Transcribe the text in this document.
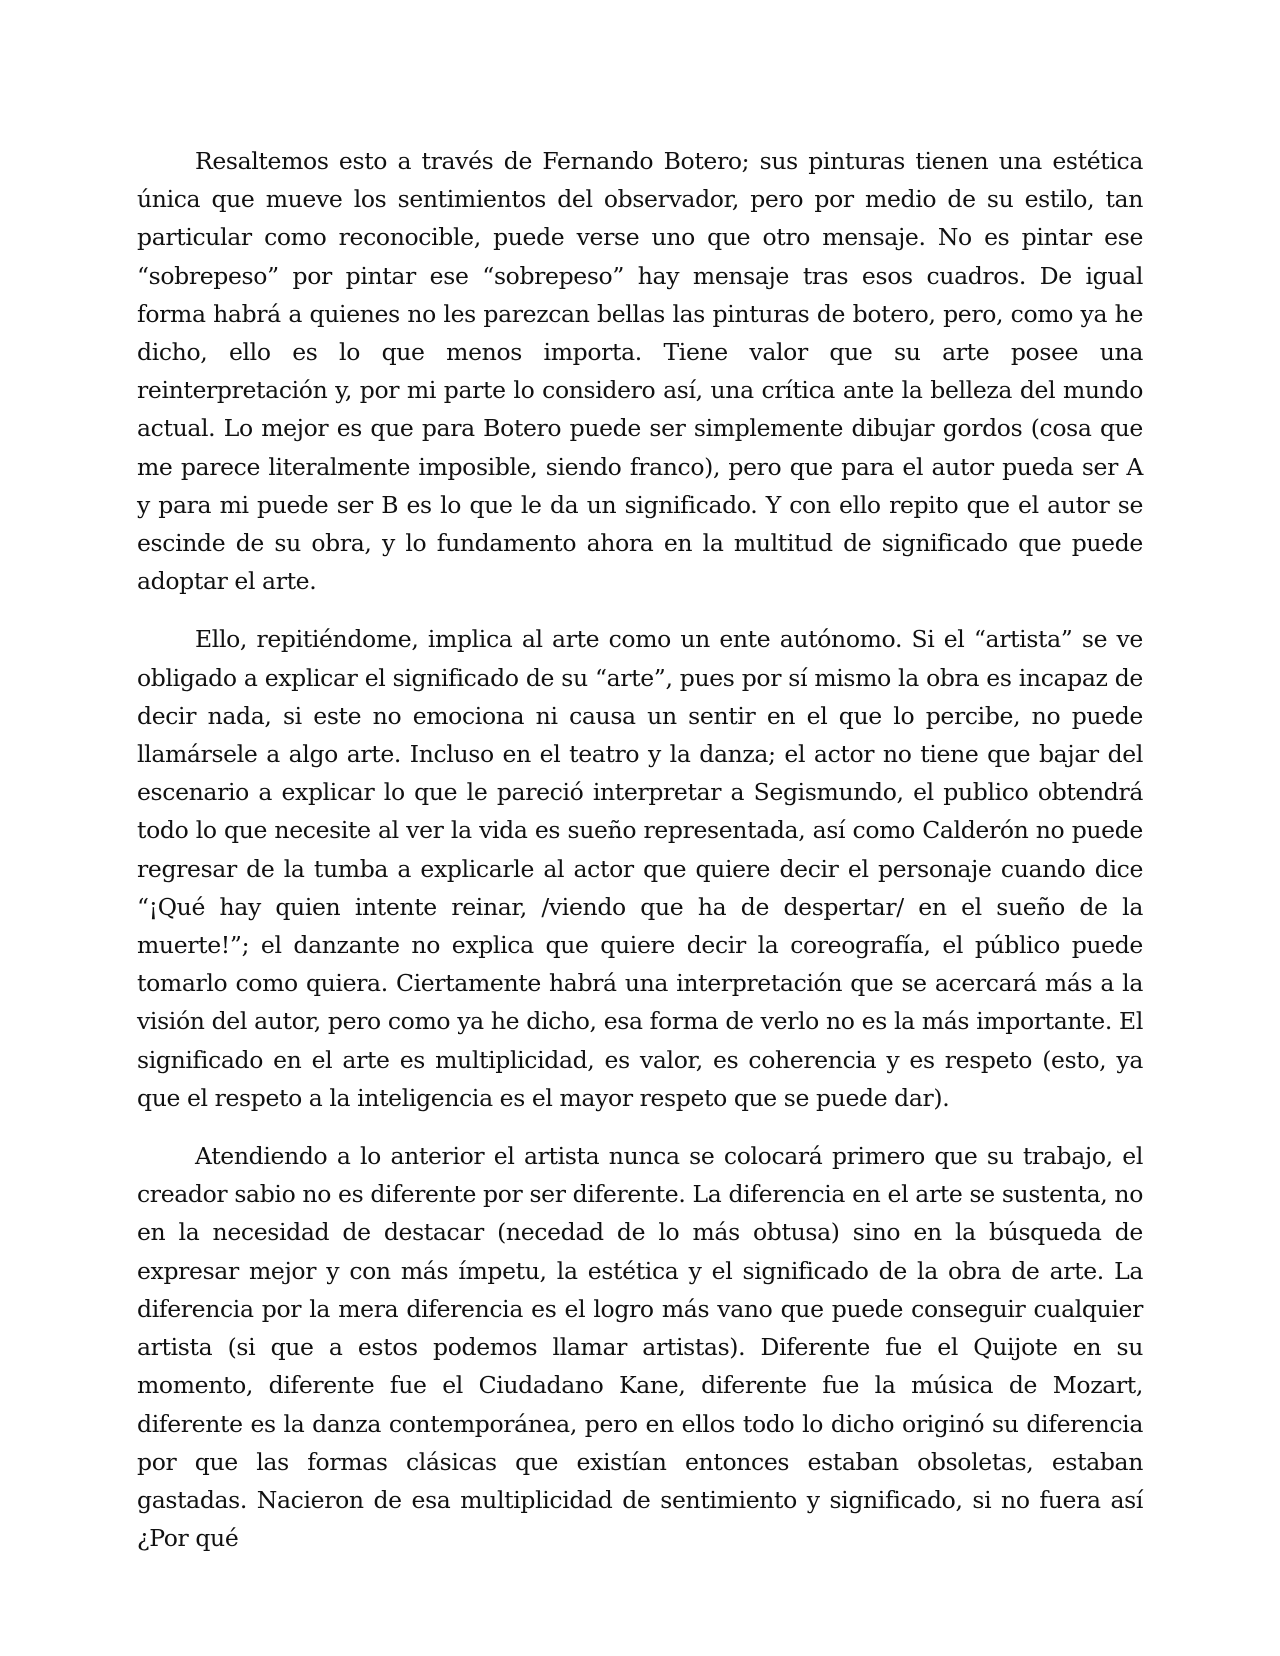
Resaltemos esto a través de Fernando Botero; sus pinturas tienen una estética única que mueve los sentimientos del observador, pero por medio de su estilo, tan particular como reconocible, puede verse uno que otro mensaje. No es pintar ese “sobrepeso” por pintar ese “sobrepeso” hay mensaje tras esos cuadros. De igual forma habrá a quienes no les parezcan bellas las pinturas de botero, pero, como ya he dicho, ello es lo que menos importa. Tiene valor que su arte posee una reinterpretación y, por mi parte lo considero así, una crítica ante la belleza del mundo actual. Lo mejor es que para Botero puede ser simplemente dibujar gordos (cosa que me parece literalmente imposible, siendo franco), pero que para el autor pueda ser A y para mi puede ser B es lo que le da un significado. Y con ello repito que el autor se escinde de su obra, y lo fundamento ahora en la multitud de significado que puede adoptar el arte.

Ello, repitiéndome, implica al arte como un ente autónomo. Si el “artista” se ve obligado a explicar el significado de su “arte”, pues por sí mismo la obra es incapaz de decir nada, si este no emociona ni causa un sentir en el que lo percibe, no puede llamársele a algo arte. Incluso en el teatro y la danza; el actor no tiene que bajar del escenario a explicar lo que le pareció interpretar a Segismundo, el publico obtendrá todo lo que necesite al ver la vida es sueño representada, así como Calderón no puede regresar de la tumba a explicarle al actor que quiere decir el personaje cuando dice “¡Qué hay quien intente reinar, /viendo que ha de despertar/ en el sueño de la muerte!”; el danzante no explica que quiere decir la coreografía, el público puede tomarlo como quiera. Ciertamente habrá una interpretación que se acercará más a la visión del autor, pero como ya he dicho, esa forma de verlo no es la más importante. El significado en el arte es multiplicidad, es valor, es coherencia y es respeto (esto, ya que el respeto a la inteligencia es el mayor respeto que se puede dar).

Atendiendo a lo anterior el artista nunca se colocará primero que su trabajo, el creador sabio no es diferente por ser diferente. La diferencia en el arte se sustenta, no en la necesidad de destacar (necedad de lo más obtusa) sino en la búsqueda de expresar mejor y con más ímpetu, la estética y el significado de la obra de arte. La diferencia por la mera diferencia es el logro más vano que puede conseguir cualquier artista (si que a estos podemos llamar artistas). Diferente fue el Quijote en su momento, diferente fue el Ciudadano Kane, diferente fue la música de Mozart, diferente es la danza contemporánea, pero en ellos todo lo dicho originó su diferencia por que las formas clásicas que existían entonces estaban obsoletas, estaban gastadas. Nacieron de esa multiplicidad de sentimiento y significado, si no fuera así ¿Por qué
